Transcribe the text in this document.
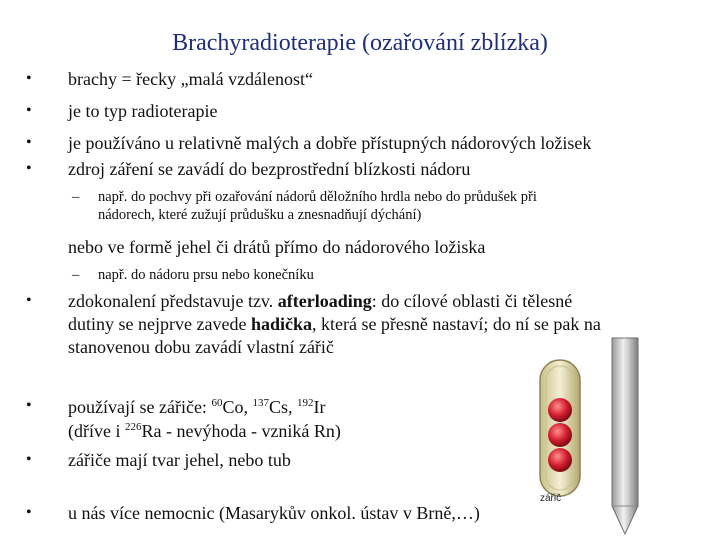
Brachyradioterapie (ozařování zblízka)
•	brachy = řecky „malá vzdálenost“
•	je to typ radioterapie
•	je používáno u relativně malých a dobře přístupných nádorových ložisek
•	zdroj záření se zavádí do bezprostřední blízkosti nádoru
– např. do pochvy při ozařování nádorů děložního hrdla nebo do průdušek při
nádorech, které zužují průdušku a znesnadňují dýchání)
nebo ve formě jehel či drátů přímo do nádorového ložiska
– např. do nádoru prsu nebo konečníku
•	zdokonalení představuje tzv. afterloading: do cílové oblasti či tělesné
dutiny se nejprve zavede hadička, která se přesně nastaví; do ní se pak na
stanovenou dobu zavádí vlastní zářič
•	používají se zářiče: $^{60}$Co, $^{137}$Cs, $^{192}$Ir
(dříve i $^{226}$Ra - nevýhoda - vzniká Rn)
•	zářiče mají tvar jehel, nebo tub
•	u nás více nemocnic (Masarykův onkol. ústav v Brně,…)
zářič
